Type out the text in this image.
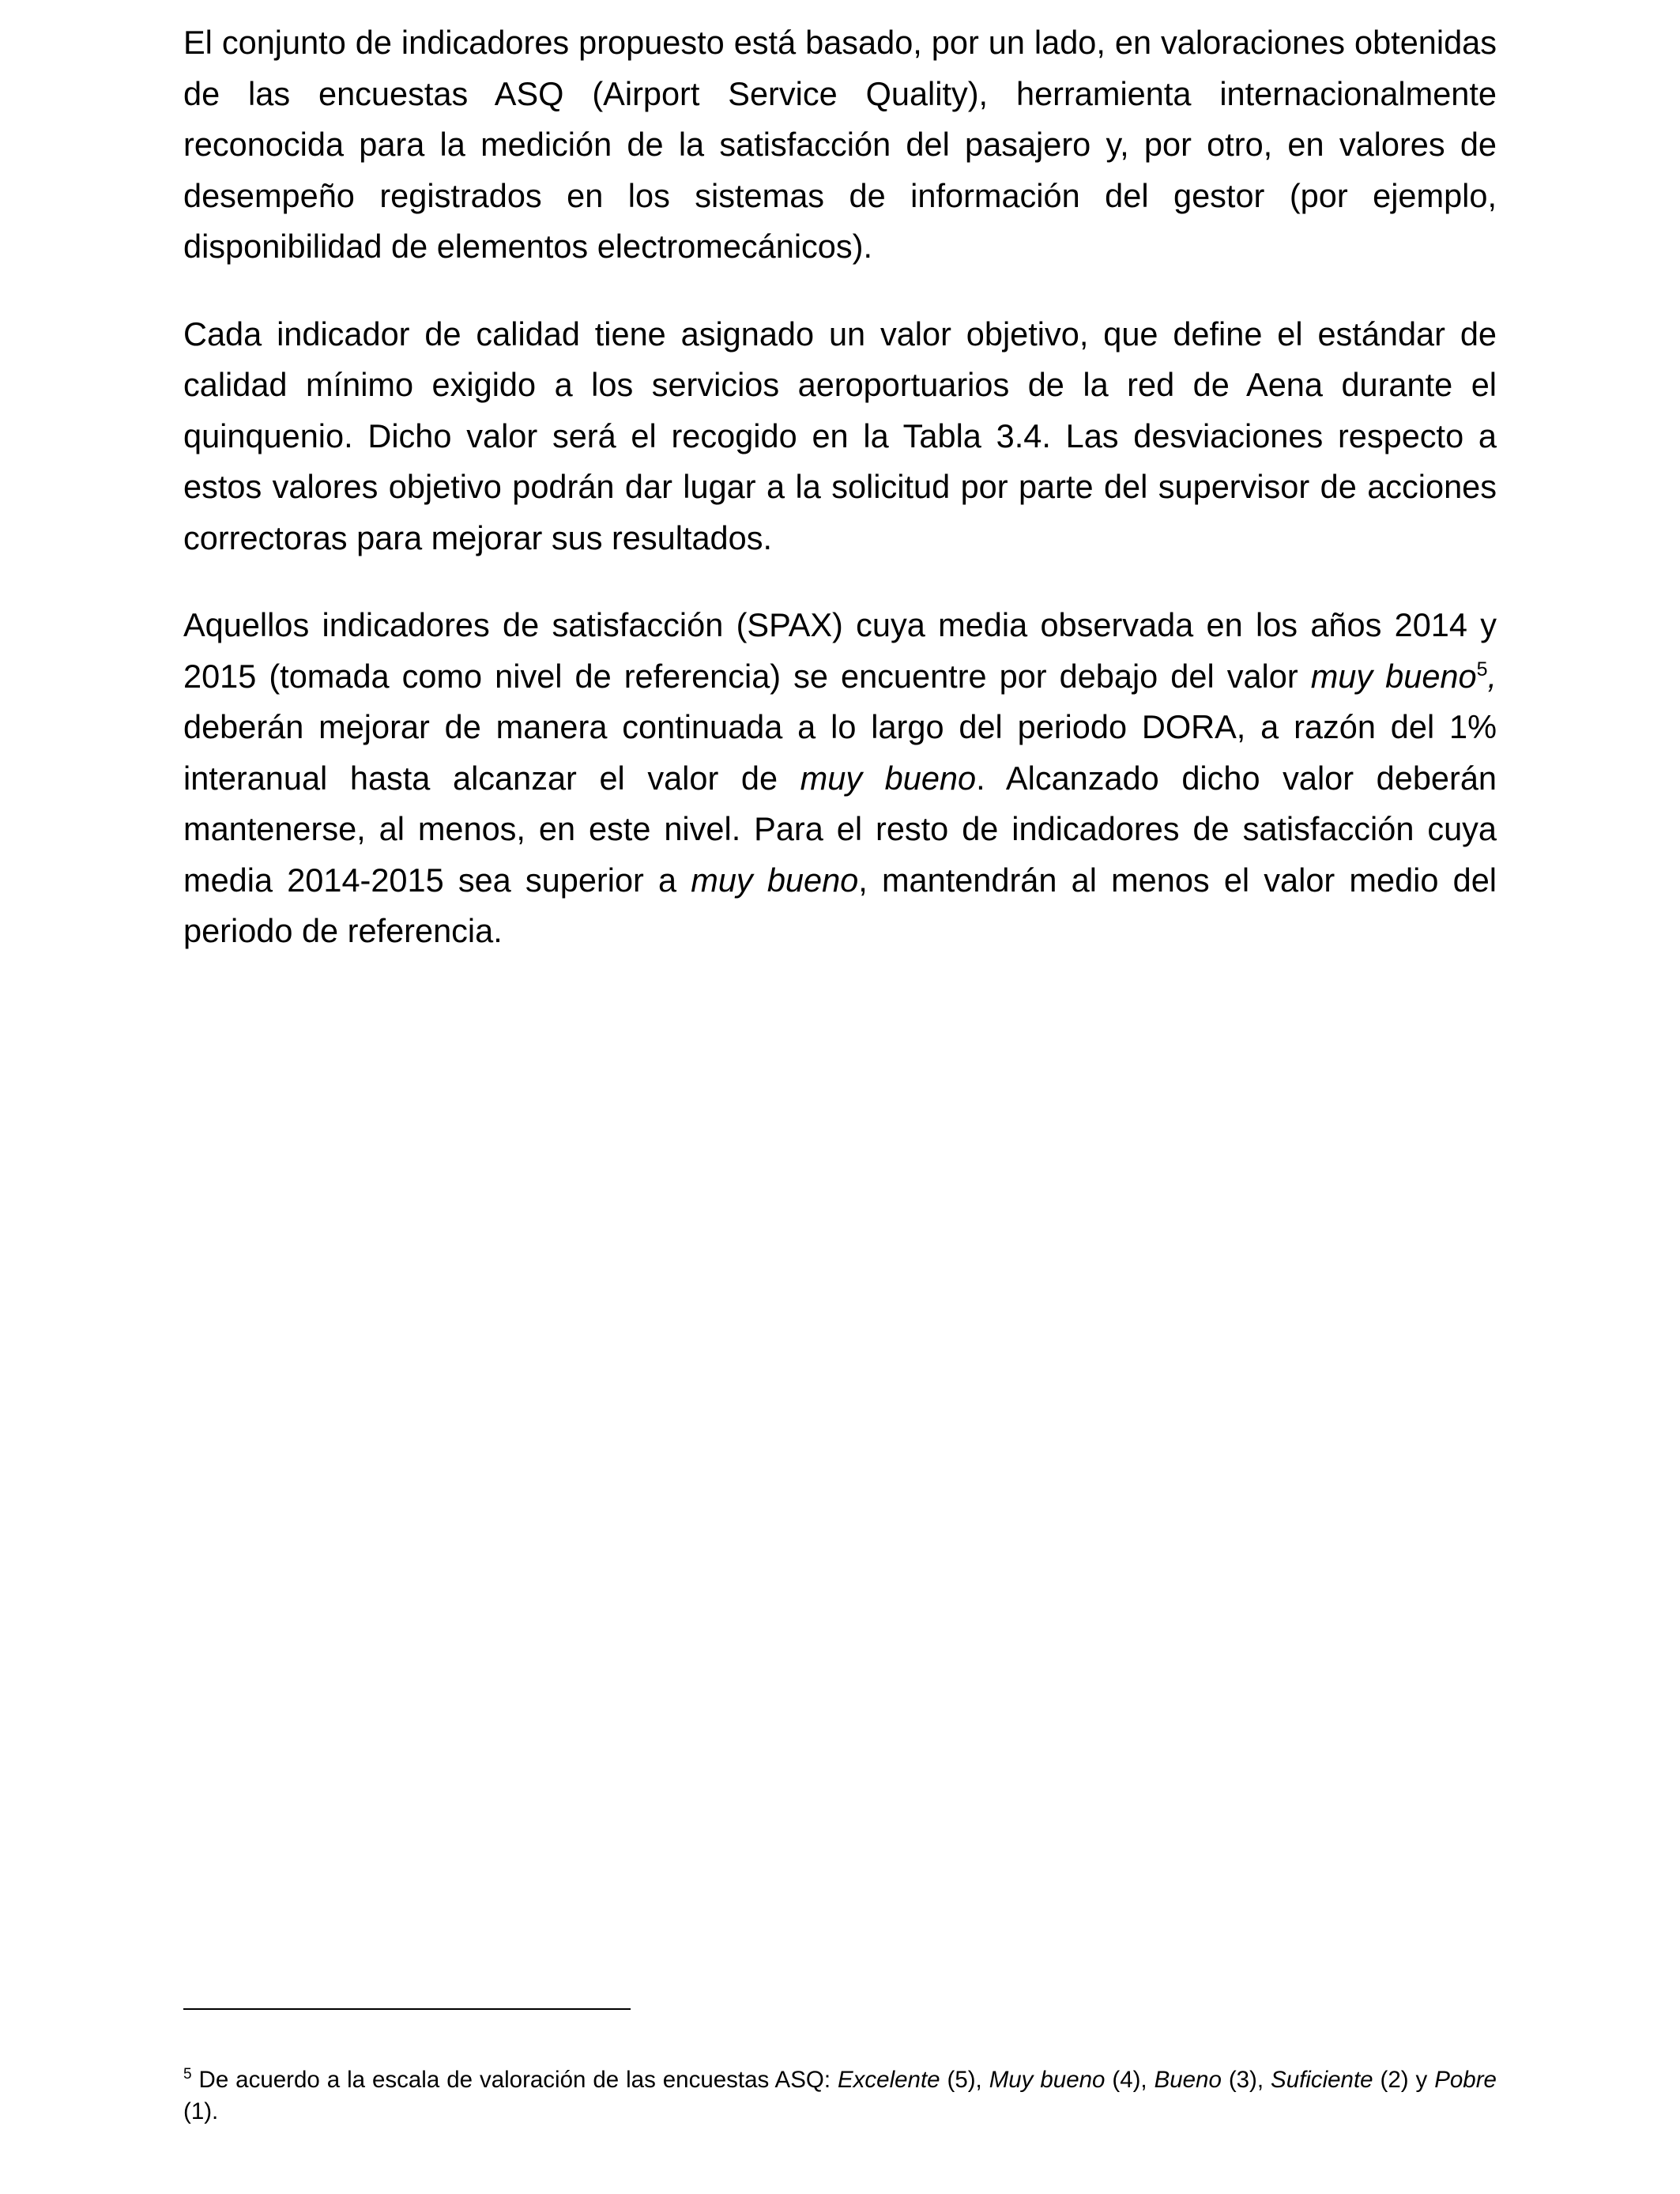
El conjunto de indicadores propuesto está basado, por un lado, en valoraciones obtenidas de las encuestas ASQ (Airport Service Quality), herramienta internacionalmente reconocida para la medición de la satisfacción del pasajero y, por otro, en valores de desempeño registrados en los sistemas de información del gestor (por ejemplo, disponibilidad de elementos electromecánicos).

Cada indicador de calidad tiene asignado un valor objetivo, que define el estándar de calidad mínimo exigido a los servicios aeroportuarios de la red de Aena durante el quinquenio. Dicho valor será el recogido en la Tabla 3.4. Las desviaciones respecto a estos valores objetivo podrán dar lugar a la solicitud por parte del supervisor de acciones correctoras para mejorar sus resultados.

Aquellos indicadores de satisfacción (SPAX) cuya media observada en los años 2014 y 2015 (tomada como nivel de referencia) se encuentre por debajo del valor muy bueno$^5$, deberán mejorar de manera continuada a lo largo del periodo DORA, a razón del 1% interanual hasta alcanzar el valor de muy bueno. Alcanzado dicho valor deberán mantenerse, al menos, en este nivel. Para el resto de indicadores de satisfacción cuya media 2014-2015 sea superior a muy bueno, mantendrán al menos el valor medio del periodo de referencia.

$^5$ De acuerdo a la escala de valoración de las encuestas ASQ: Excelente (5), Muy bueno (4), Bueno (3), Suficiente (2) y Pobre (1).
